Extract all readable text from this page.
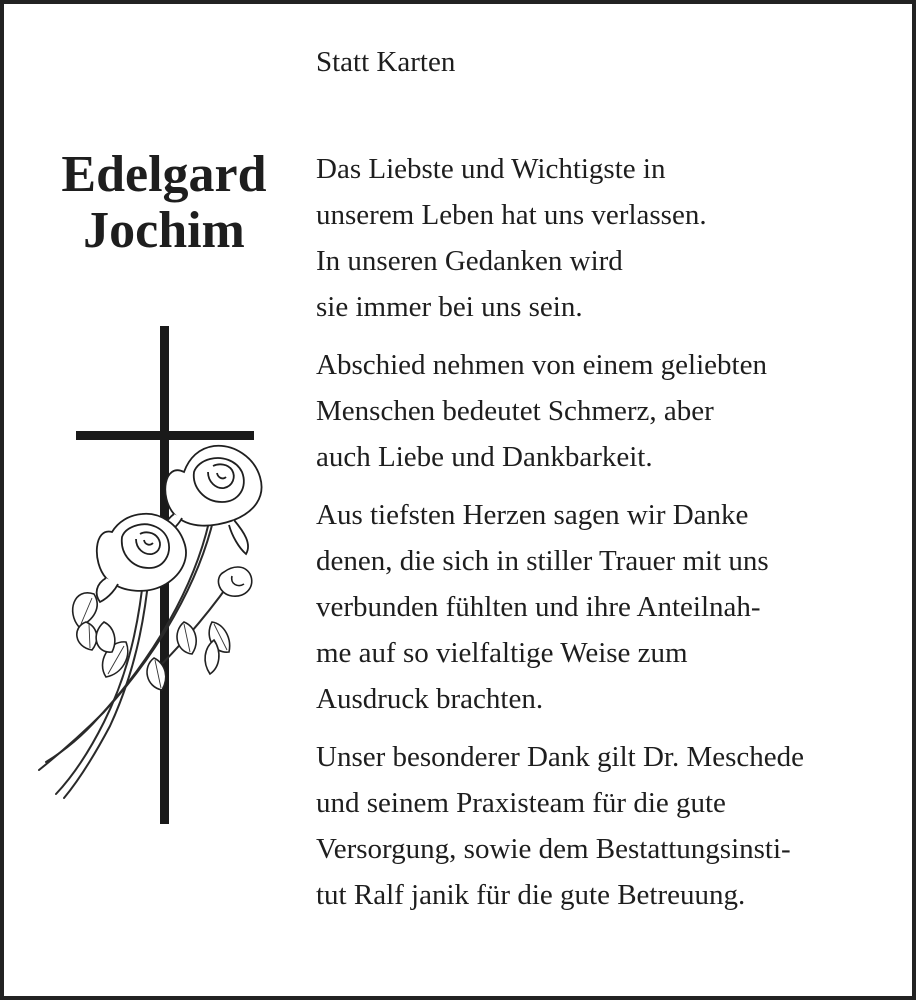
Statt Karten
Edelgard
Jochim
Das Liebste und Wichtigste in
unserem Leben hat uns verlassen.
In unseren Gedanken wird
sie immer bei uns sein.
Abschied nehmen von einem geliebten
Menschen bedeutet Schmerz, aber
auch Liebe und Dankbarkeit.
Aus tiefsten Herzen sagen wir Danke
denen, die sich in stiller Trauer mit uns
verbunden fühlten und ihre Anteilnah-
me auf so vielfaltige Weise zum
Ausdruck brachten.
Unser besonderer Dank gilt Dr. Meschede
und seinem Praxisteam für die gute
Versorgung, sowie dem Bestattungsinsti-
tut Ralf janik für die gute Betreuung.
